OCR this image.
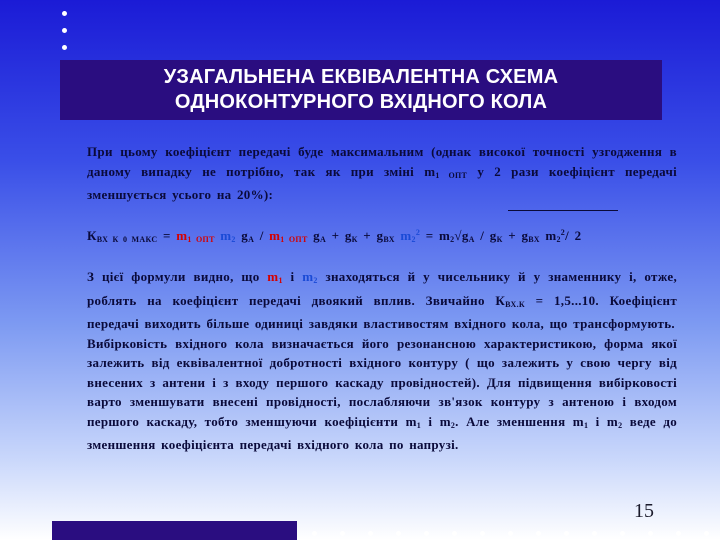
УЗАГАЛЬНЕНА ЕКВІВАЛЕНТНА СХЕМА
ОДНОКОНТУРНОГО ВХІДНОГО КОЛА

При цьому коефіцієнт передачі буде максимальним (однак високої точності узгодження в даному випадку не потрібно, так як при зміні $m_{1 ОПТ}$ у 2 рази коефіцієнт передачі зменшується усього на 20%):

$К_{ВХ К 0 МАКС} = m_{1 ОПТ}$ $m_2$ $g_А / m_{1 ОПТ}$ $g_А + g_К + g_{ВХ}$ $m_2^2 = m_2√g_А / g_К + g_{ВХ}$ $m_2^2/$ 2

З цієї формули видно, що $m_1$ і $m_2$ знаходяться й у чисельнику й у знаменнику і, отже, роблять на коефіцієнт передачі двоякий вплив. Звичайно $К_{ВХ.К} = 1,5...10$. Коефіцієнт передачі виходить більше одиниці завдяки властивостям вхідного кола, що трансформують.

Вибірковість вхідного кола визначається його резонансною характеристикою, форма якої залежить від еквівалентної добротності вхідного контуру ( що залежить у свою чергу від внесених з антени і з входу першого каскаду провідностей). Для підвищення вибірковості варто зменшувати внесені провідності, послабляючи зв'язок контуру з антеною і входом першого каскаду, тобто зменшуючи коефіцієнти $m_1$ і $m_2$. Але зменшення $m_1$ і $m_2$ веде до зменшення коефіцієнта передачі вхідного кола по напрузі.

15
